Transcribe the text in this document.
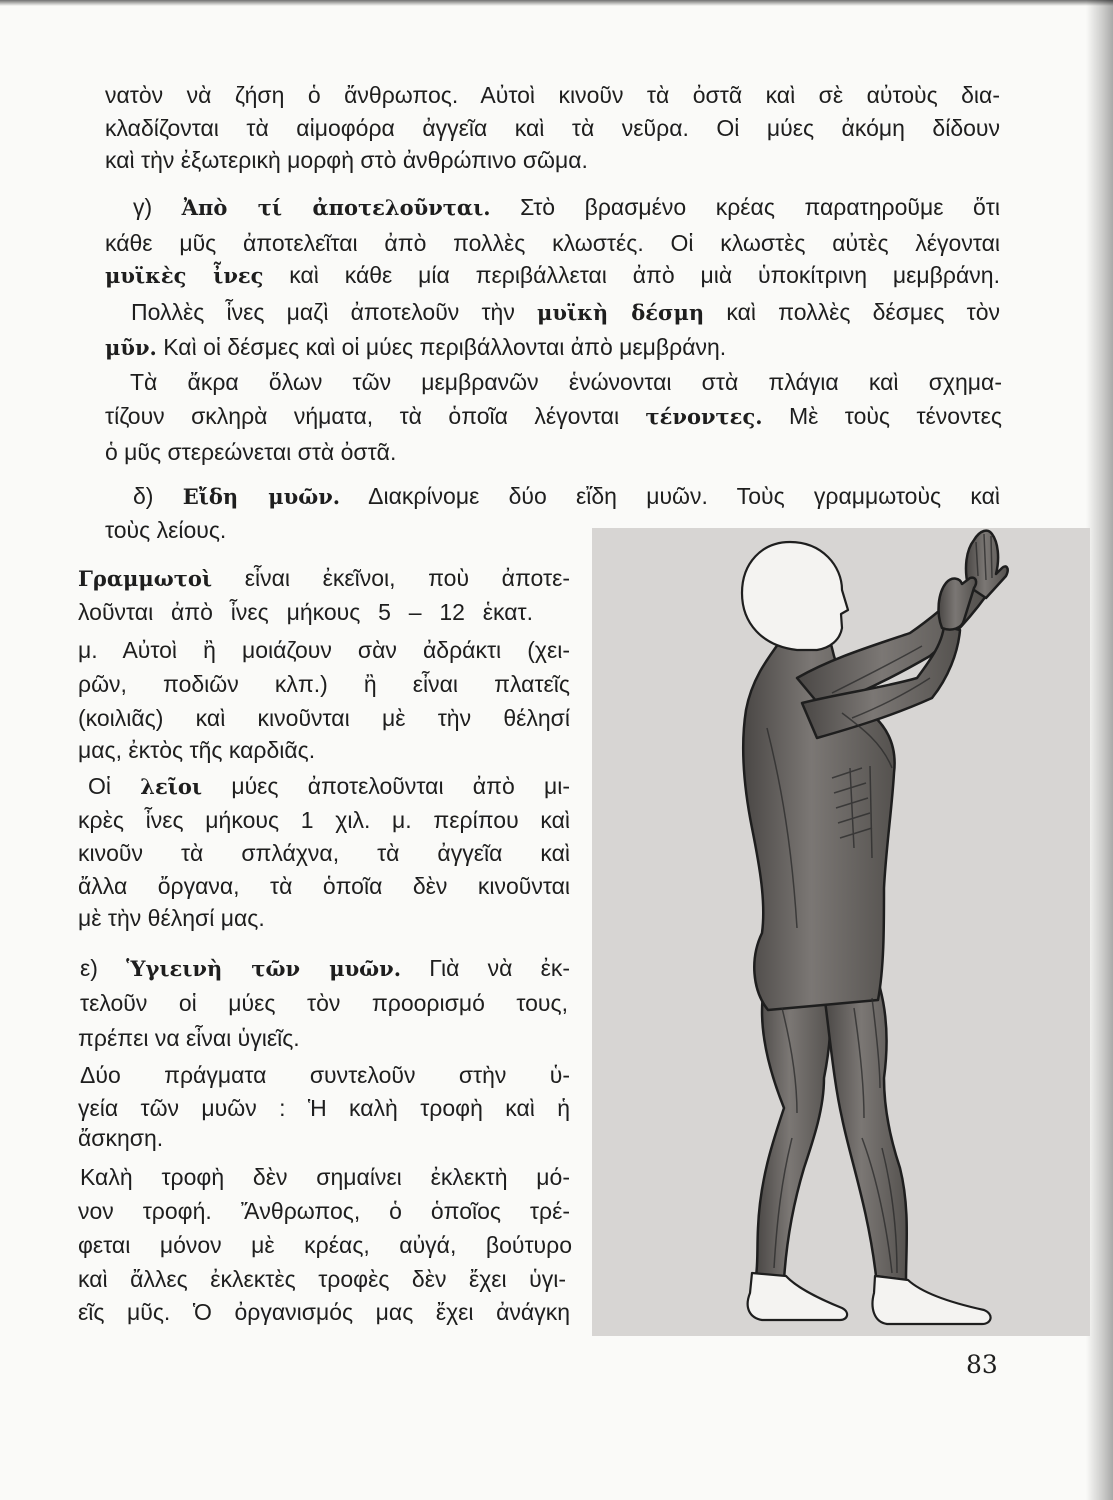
νατὸν νὰ ζήση ὁ ἄνθρωπος. Αὐτοὶ κινοῦν τὰ ὀστᾶ καὶ σὲ αὐτοὺς δια-
κλαδίζονται τὰ αἱμοφόρα ἀγγεῖα καὶ τὰ νεῦρα. Οἱ μύες ἀκόμη δίδουν
καὶ τὴν ἐξωτερικὴ μορφὴ στὸ ἀνθρώπινο σῶμα.
γ) Ἀπὸ τί ἀποτελοῦνται. Στὸ βρασμένο κρέας παρατηροῦμε ὅτι
κάθε μῦς ἀποτελεῖται ἀπὸ πολλὲς κλωστές. Οἱ κλωστὲς αὐτὲς λέγονται
μυϊκὲς ἶνες καὶ κάθε μία περιβάλλεται ἀπὸ μιὰ ὑποκίτρινη μεμβράνη.
Πολλὲς ἶνες μαζὶ ἀποτελοῦν τὴν μυϊκὴ δέσμη καὶ πολλὲς δέσμες τὸν
μῦν. Καὶ οἱ δέσμες καὶ οἱ μύες περιβάλλονται ἀπὸ μεμβράνη.
Τὰ ἄκρα ὅλων τῶν μεμβρανῶν ἑνώνονται στὰ πλάγια καὶ σχημα-
τίζουν σκληρὰ νήματα, τὰ ὁποῖα λέγονται τένοντες. Μὲ τοὺς τένοντες
ὁ μῦς στερεώνεται στὰ ὀστᾶ.
δ) Εἴδη μυῶν. Διακρίνομε δύο εἴδη μυῶν. Τοὺς γραμμωτοὺς καὶ
τοὺς λείους.
Γραμμωτοὶ εἶναι ἐκεῖνοι, ποὺ ἀποτε-
λοῦνται ἀπὸ ἶνες μήκους 5 – 12 ἑκατ.
μ. Αὐτοὶ ἢ μοιάζουν σὰν ἀδράκτι (χει-
ρῶν, ποδιῶν κλπ.) ἢ εἶναι πλατεῖς
(κοιλιᾶς) καὶ κινοῦνται μὲ τὴν θέλησί
μας, ἐκτὸς τῆς καρδιᾶς.
Οἱ λεῖοι μύες ἀποτελοῦνται ἀπὸ μι-
κρὲς ἶνες μήκους 1 χιλ. μ. περίπου καὶ
κινοῦν τὰ σπλάχνα, τὰ ἀγγεῖα καὶ
ἄλλα ὄργανα, τὰ ὁποῖα δὲν κινοῦνται
μὲ τὴν θέλησί μας.
ε) Ὑγιεινὴ τῶν μυῶν. Γιὰ νὰ ἐκ-
τελοῦν οἱ μύες τὸν προορισμό τους,
πρέπει να εἶναι ὑγιεῖς.
Δύο πράγματα συντελοῦν στὴν ὑ-
γεία τῶν μυῶν : Ἡ καλὴ τροφὴ καὶ ἡ
ἄσκηση.
Καλὴ τροφὴ δὲν σημαίνει ἐκλεκτὴ μό-
νον τροφή. Ἄνθρωπος, ὁ ὁποῖος τρέ-
φεται μόνον μὲ κρέας, αὐγά, βούτυρο
καὶ ἄλλες ἐκλεκτὲς τροφὲς δὲν ἔχει ὑγι-
εῖς μῦς. Ὁ ὀργανισμός μας ἔχει ἀνάγκη
83
